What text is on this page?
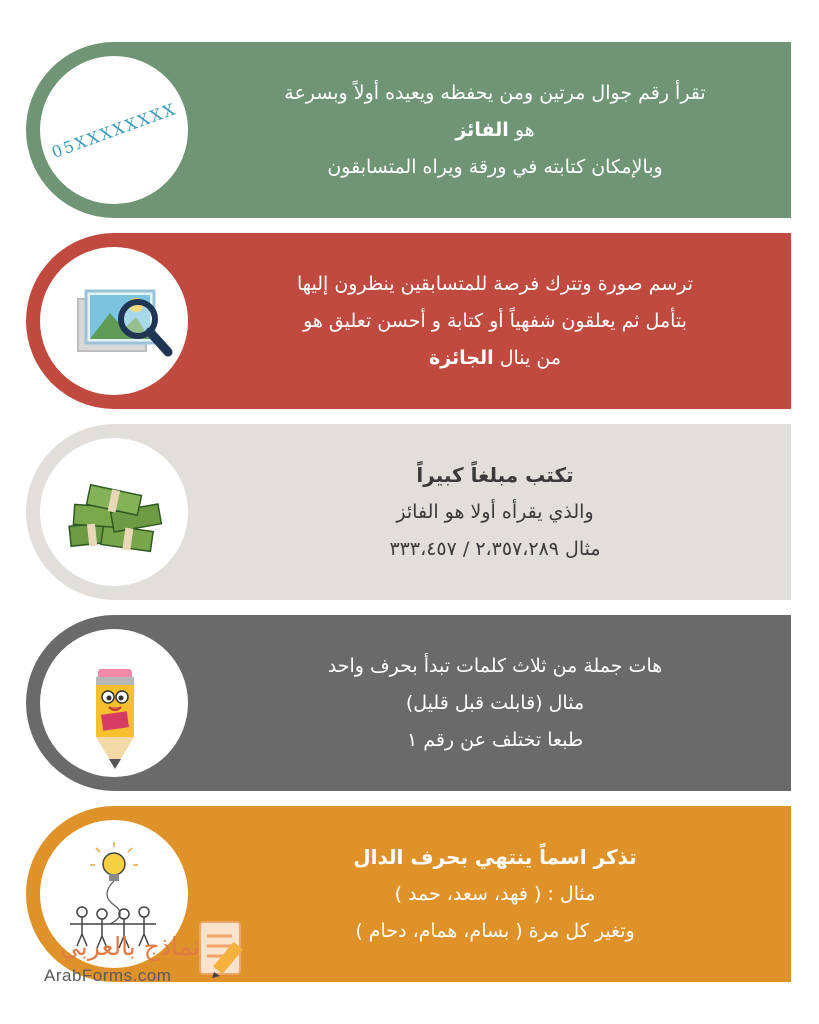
05XXXXXXXX
تقرأ رقم جوال مرتين ومن يحفظه ويعيده أولاً وبسرعة
هو الفائز
وبالإمكان كتابته في ورقة ويراه المتسابقون
ترسم صورة وتترك فرصة للمتسابقين ينظرون إليها
بتأمل ثم يعلقون شفهياً أو كتابة و أحسن تعليق هو
من ينال الجائزة
تكتب مبلغاً كبيراً
والذي يقرأه أولا هو الفائز
مثال ٢،٣٥٧،٢٨٩ / ٣٣٣،٤٥٧
هات جملة من ثلاث كلمات تبدأ بحرف واحد
مثال (قابلت قبل قليل)
طبعا تختلف عن رقم ١
تذكر اسماً ينتهي بحرف الدال
مثال : ( فهد، سعد، حمد )
وتغير كل مرة ( بسام، همام، دحام )
نماذج بالعربي
ArabForms.com
